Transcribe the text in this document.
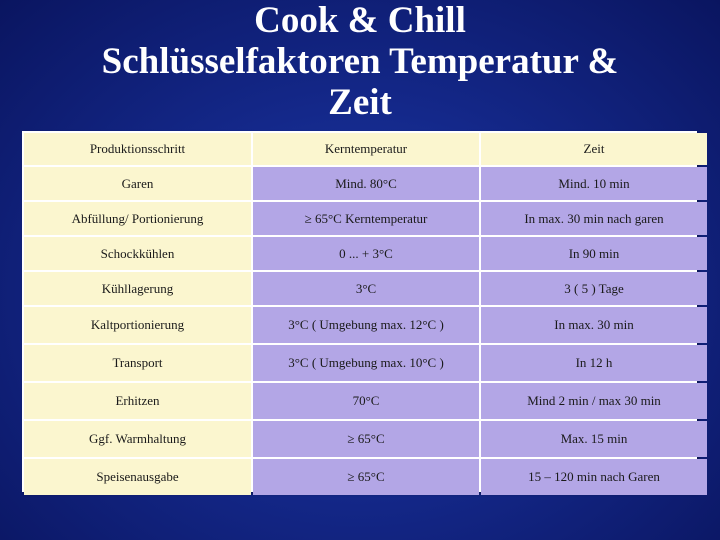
Cook & Chill
Schlüsselfaktoren Temperatur &
Zeit
Produktionsschritt	Kerntemperatur	Zeit
Garen	Mind. 80°C	Mind. 10 min
Abfüllung/ Portionierung	≥ 65°C Kerntemperatur	In max. 30 min nach garen
Schockkühlen	0 ... + 3°C	In 90 min
Kühllagerung	3°C	3 ( 5 ) Tage
Kaltportionierung	3°C ( Umgebung max. 12°C )	In max. 30 min
Transport	3°C ( Umgebung max. 10°C )	In 12 h
Erhitzen	70°C	Mind 2 min / max 30 min
Ggf. Warmhaltung	≥ 65°C	Max. 15 min
Speisenausgabe	≥ 65°C	15 – 120 min nach Garen
